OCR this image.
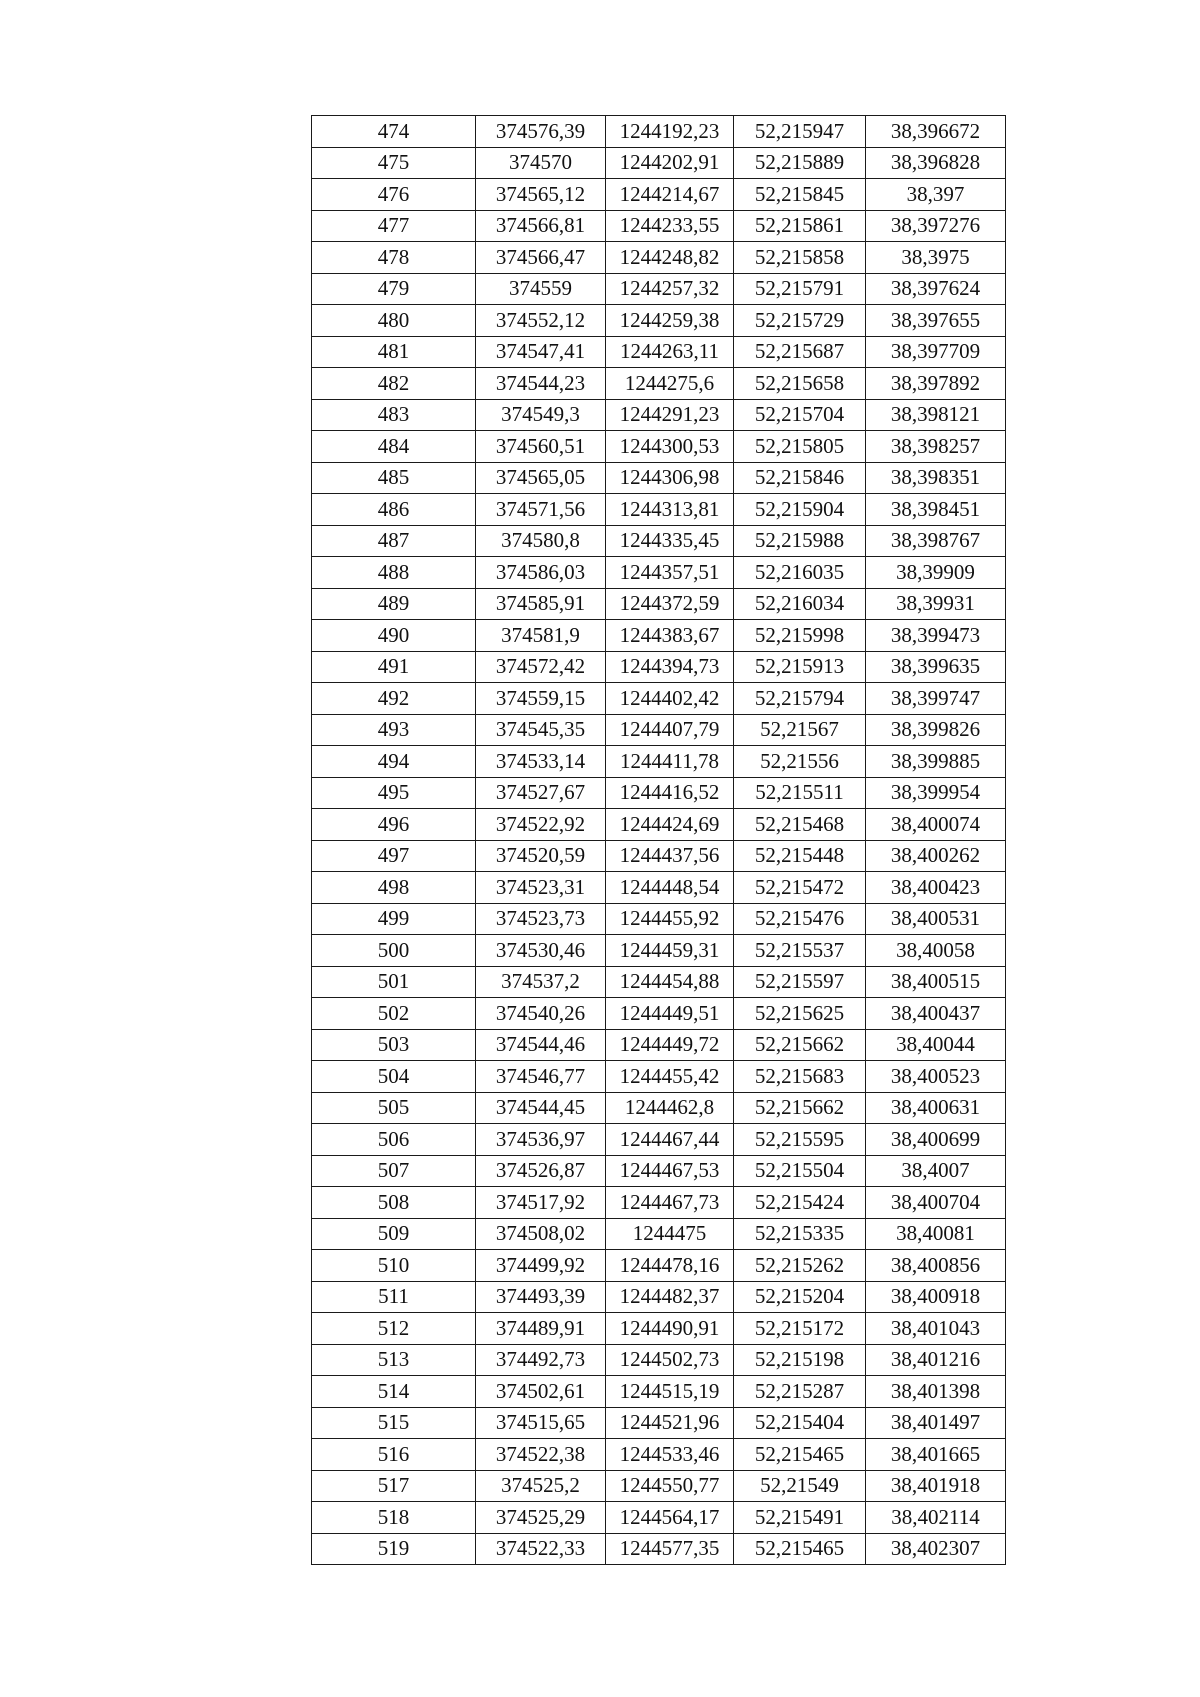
474	374576,39	1244192,23	52,215947	38,396672
475	374570	1244202,91	52,215889	38,396828
476	374565,12	1244214,67	52,215845	38,397
477	374566,81	1244233,55	52,215861	38,397276
478	374566,47	1244248,82	52,215858	38,3975
479	374559	1244257,32	52,215791	38,397624
480	374552,12	1244259,38	52,215729	38,397655
481	374547,41	1244263,11	52,215687	38,397709
482	374544,23	1244275,6	52,215658	38,397892
483	374549,3	1244291,23	52,215704	38,398121
484	374560,51	1244300,53	52,215805	38,398257
485	374565,05	1244306,98	52,215846	38,398351
486	374571,56	1244313,81	52,215904	38,398451
487	374580,8	1244335,45	52,215988	38,398767
488	374586,03	1244357,51	52,216035	38,39909
489	374585,91	1244372,59	52,216034	38,39931
490	374581,9	1244383,67	52,215998	38,399473
491	374572,42	1244394,73	52,215913	38,399635
492	374559,15	1244402,42	52,215794	38,399747
493	374545,35	1244407,79	52,21567	38,399826
494	374533,14	1244411,78	52,21556	38,399885
495	374527,67	1244416,52	52,215511	38,399954
496	374522,92	1244424,69	52,215468	38,400074
497	374520,59	1244437,56	52,215448	38,400262
498	374523,31	1244448,54	52,215472	38,400423
499	374523,73	1244455,92	52,215476	38,400531
500	374530,46	1244459,31	52,215537	38,40058
501	374537,2	1244454,88	52,215597	38,400515
502	374540,26	1244449,51	52,215625	38,400437
503	374544,46	1244449,72	52,215662	38,40044
504	374546,77	1244455,42	52,215683	38,400523
505	374544,45	1244462,8	52,215662	38,400631
506	374536,97	1244467,44	52,215595	38,400699
507	374526,87	1244467,53	52,215504	38,4007
508	374517,92	1244467,73	52,215424	38,400704
509	374508,02	1244475	52,215335	38,40081
510	374499,92	1244478,16	52,215262	38,400856
511	374493,39	1244482,37	52,215204	38,400918
512	374489,91	1244490,91	52,215172	38,401043
513	374492,73	1244502,73	52,215198	38,401216
514	374502,61	1244515,19	52,215287	38,401398
515	374515,65	1244521,96	52,215404	38,401497
516	374522,38	1244533,46	52,215465	38,401665
517	374525,2	1244550,77	52,21549	38,401918
518	374525,29	1244564,17	52,215491	38,402114
519	374522,33	1244577,35	52,215465	38,402307
